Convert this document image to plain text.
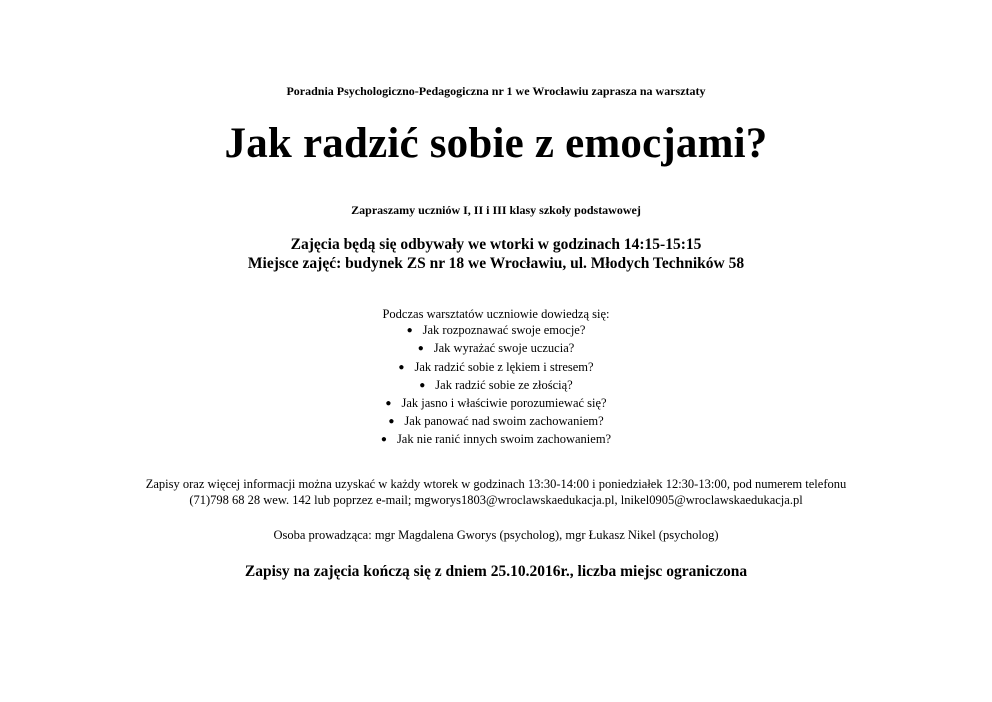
Poradnia Psychologiczno-Pedagogiczna nr 1 we Wrocławiu zaprasza na warsztaty
Jak radzić sobie z emocjami?
Zapraszamy uczniów I, II i III klasy szkoły podstawowej
Zajęcia będą się odbywały we wtorki w godzinach 14:15-15:15
Miejsce zajęć: budynek ZS nr 18 we Wrocławiu, ul. Młodych Techników 58
Podczas warsztatów uczniowie dowiedzą się:
● Jak rozpoznawać swoje emocje?
● Jak wyrażać swoje uczucia?
● Jak radzić sobie z lękiem i stresem?
● Jak radzić sobie ze złością?
● Jak jasno i właściwie porozumiewać się?
● Jak panować nad swoim zachowaniem?
● Jak nie ranić innych swoim zachowaniem?
Zapisy oraz więcej informacji można uzyskać w każdy wtorek w godzinach 13:30-14:00 i poniedziałek 12:30-13:00, pod numerem telefonu
(71)798 68 28 wew. 142 lub poprzez e-mail; mgworys1803@wroclawskaedukacja.pl, lnikel0905@wroclawskaedukacja.pl
Osoba prowadząca: mgr Magdalena Gworys (psycholog), mgr Łukasz Nikel (psycholog)
Zapisy na zajęcia kończą się z dniem 25.10.2016r., liczba miejsc ograniczona
